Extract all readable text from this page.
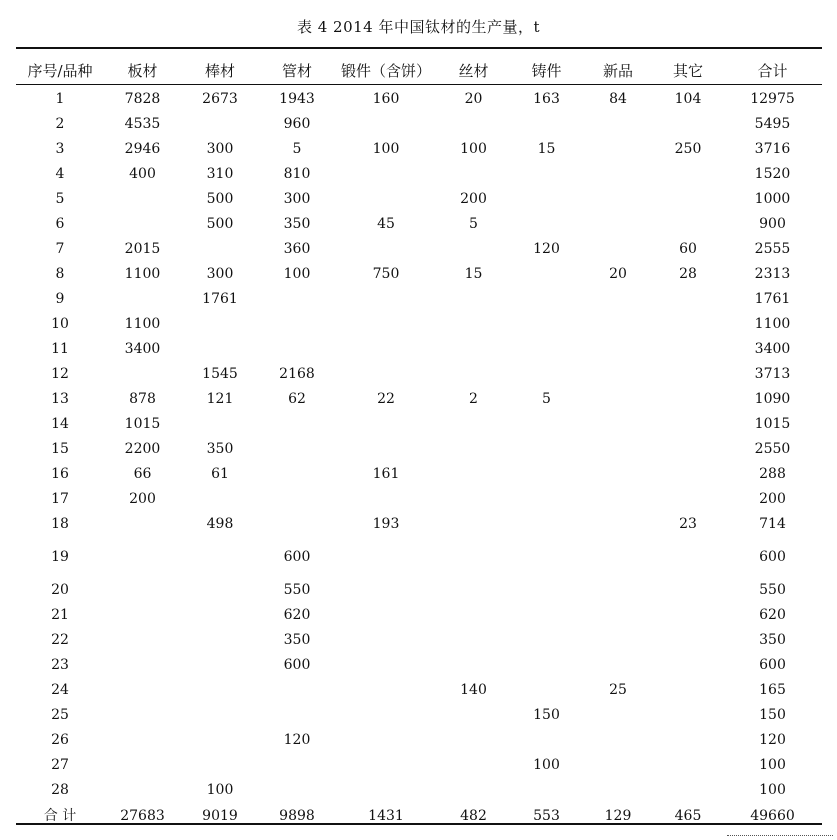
表 4 2014 年中国钛材的生产量，t

序号/品种	板材	棒材	管材	锻件（含饼）	丝材	铸件	新品	其它	合计
1	7828	2673	1943	160	20	163	84	104	12975
2	4535		960						5495
3	2946	300	5	100	100	15		250	3716
4	400	310	810						1520
5		500	300		200				1000
6		500	350	45	5				900
7	2015		360			120		60	2555
8	1100	300	100	750	15		20	28	2313
9		1761							1761
10	1100								1100
11	3400								3400
12		1545	2168						3713
13	878	121	62	22	2	5			1090
14	1015								1015
15	2200	350							2550
16	66	61		161					288
17	200								200
18		498		193				23	714
19			600						600
20			550						550
21			620						620
22			350						350
23			600						600
24					140		25		165
25						150			150
26			120						120
27						100			100
28		100							100
合 计	27683	9019	9898	1431	482	553	129	465	49660
